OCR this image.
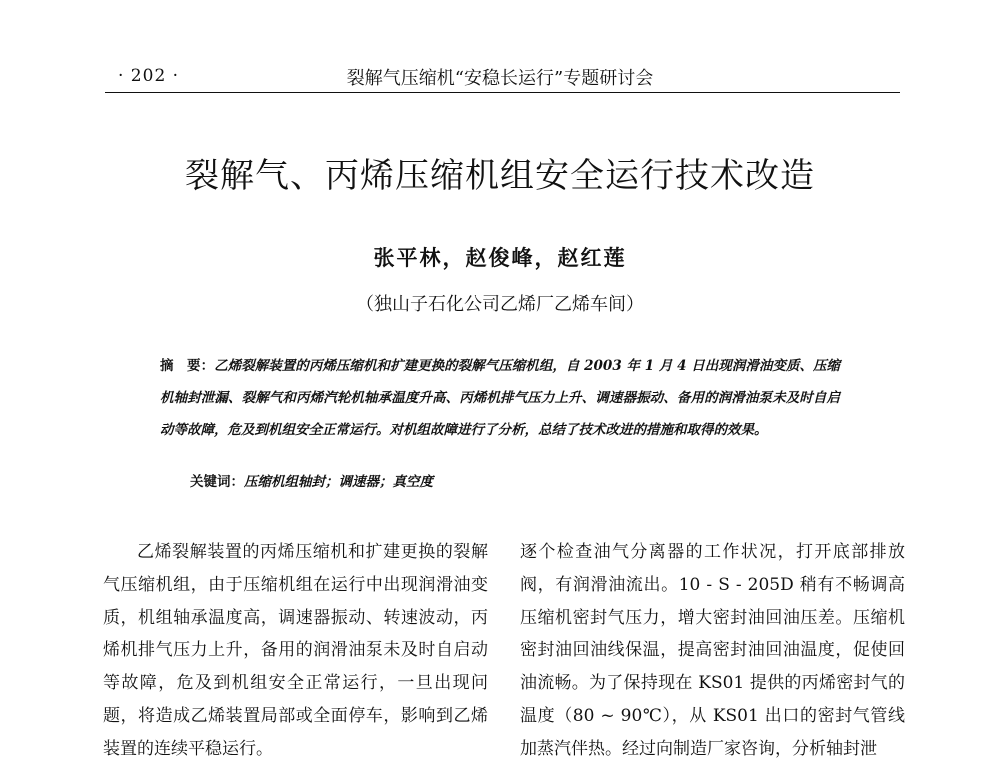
· 202 ·	裂解气压缩机“安稳长运行”专题研讨会
裂解气、丙烯压缩机组安全运行技术改造
张平林，赵俊峰，赵红莲
（独山子石化公司乙烯厂乙烯车间）
摘　要：乙烯裂解装置的丙烯压缩机和扩建更换的裂解气压缩机组，自 2003 年 1 月 4 日出现润滑油变质、压缩机轴封泄漏、裂解气和丙烯汽轮机轴承温度升高、丙烯机排气压力上升、调速器振动、备用的润滑油泵未及时自启动等故障，危及到机组安全正常运行。对机组故障进行了分析，总结了技术改进的措施和取得的效果。
关键词：压缩机组轴封；调速器；真空度
乙烯裂解装置的丙烯压缩机和扩建更换的裂解气压缩机组，由于压缩机组在运行中出现润滑油变质，机组轴承温度高，调速器振动、转速波动，丙烯机排气压力上升，备用的润滑油泵未及时自启动等故障，危及到机组安全正常运行，一旦出现问题，将造成乙烯装置局部或全面停车，影响到乙烯装置的连续平稳运行。
逐个检查油气分离器的工作状况，打开底部排放阀，有润滑油流出。10 - S - 205D 稍有不畅调高压缩机密封气压力，增大密封油回油压差。压缩机密封油回油线保温，提高密封油回油温度，促使回油流畅。为了保持现在 KS01 提供的丙烯密封气的温度（80 ~ 90℃），从 KS01 出口的密封气管线加蒸汽伴热。经过向制造厂家咨询，分析轴封泄
